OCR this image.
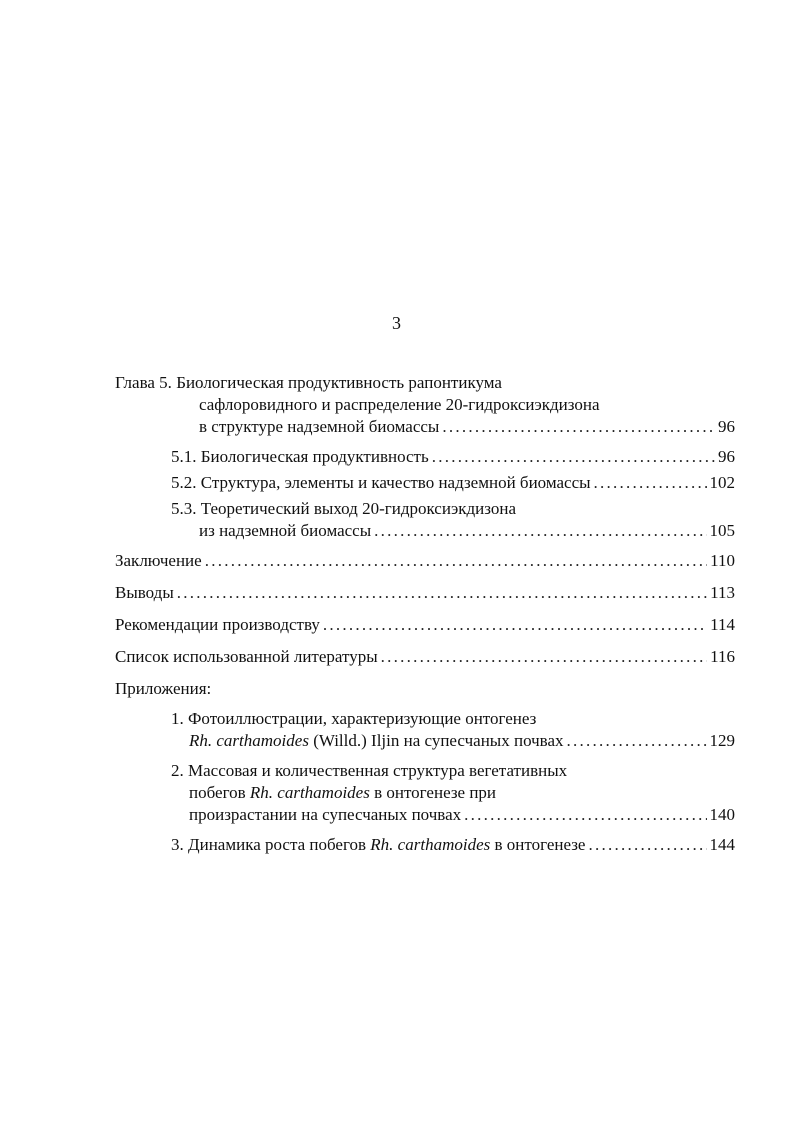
3
Глава 5. Биологическая продуктивность рапонтикума
сафлоровидного и распределение 20-гидроксиэкдизона
в структуре надземной биомассы . . .	96
5.1. Биологическая продуктивность . . .	96
5.2. Структура, элементы и качество надземной биомассы . . .	102
5.3. Теоретический выход 20-гидроксиэкдизона
из надземной биомассы . . .	105
Заключение . . .	110
Выводы . . .	113
Рекомендации производству . . .	114
Список использованной литературы . . .	116
Приложения:
1. Фотоиллюстрации, характеризующие онтогенез
Rh. carthamoides (Willd.) Iljin на супесчаных почвах . . .	129
2. Массовая и количественная структура вегетативных
побегов Rh. carthamoides в онтогенезе при
произрастании на супесчаных почвах . . .	140
3. Динамика роста побегов Rh. carthamoides в онтогенезе . . .	144
